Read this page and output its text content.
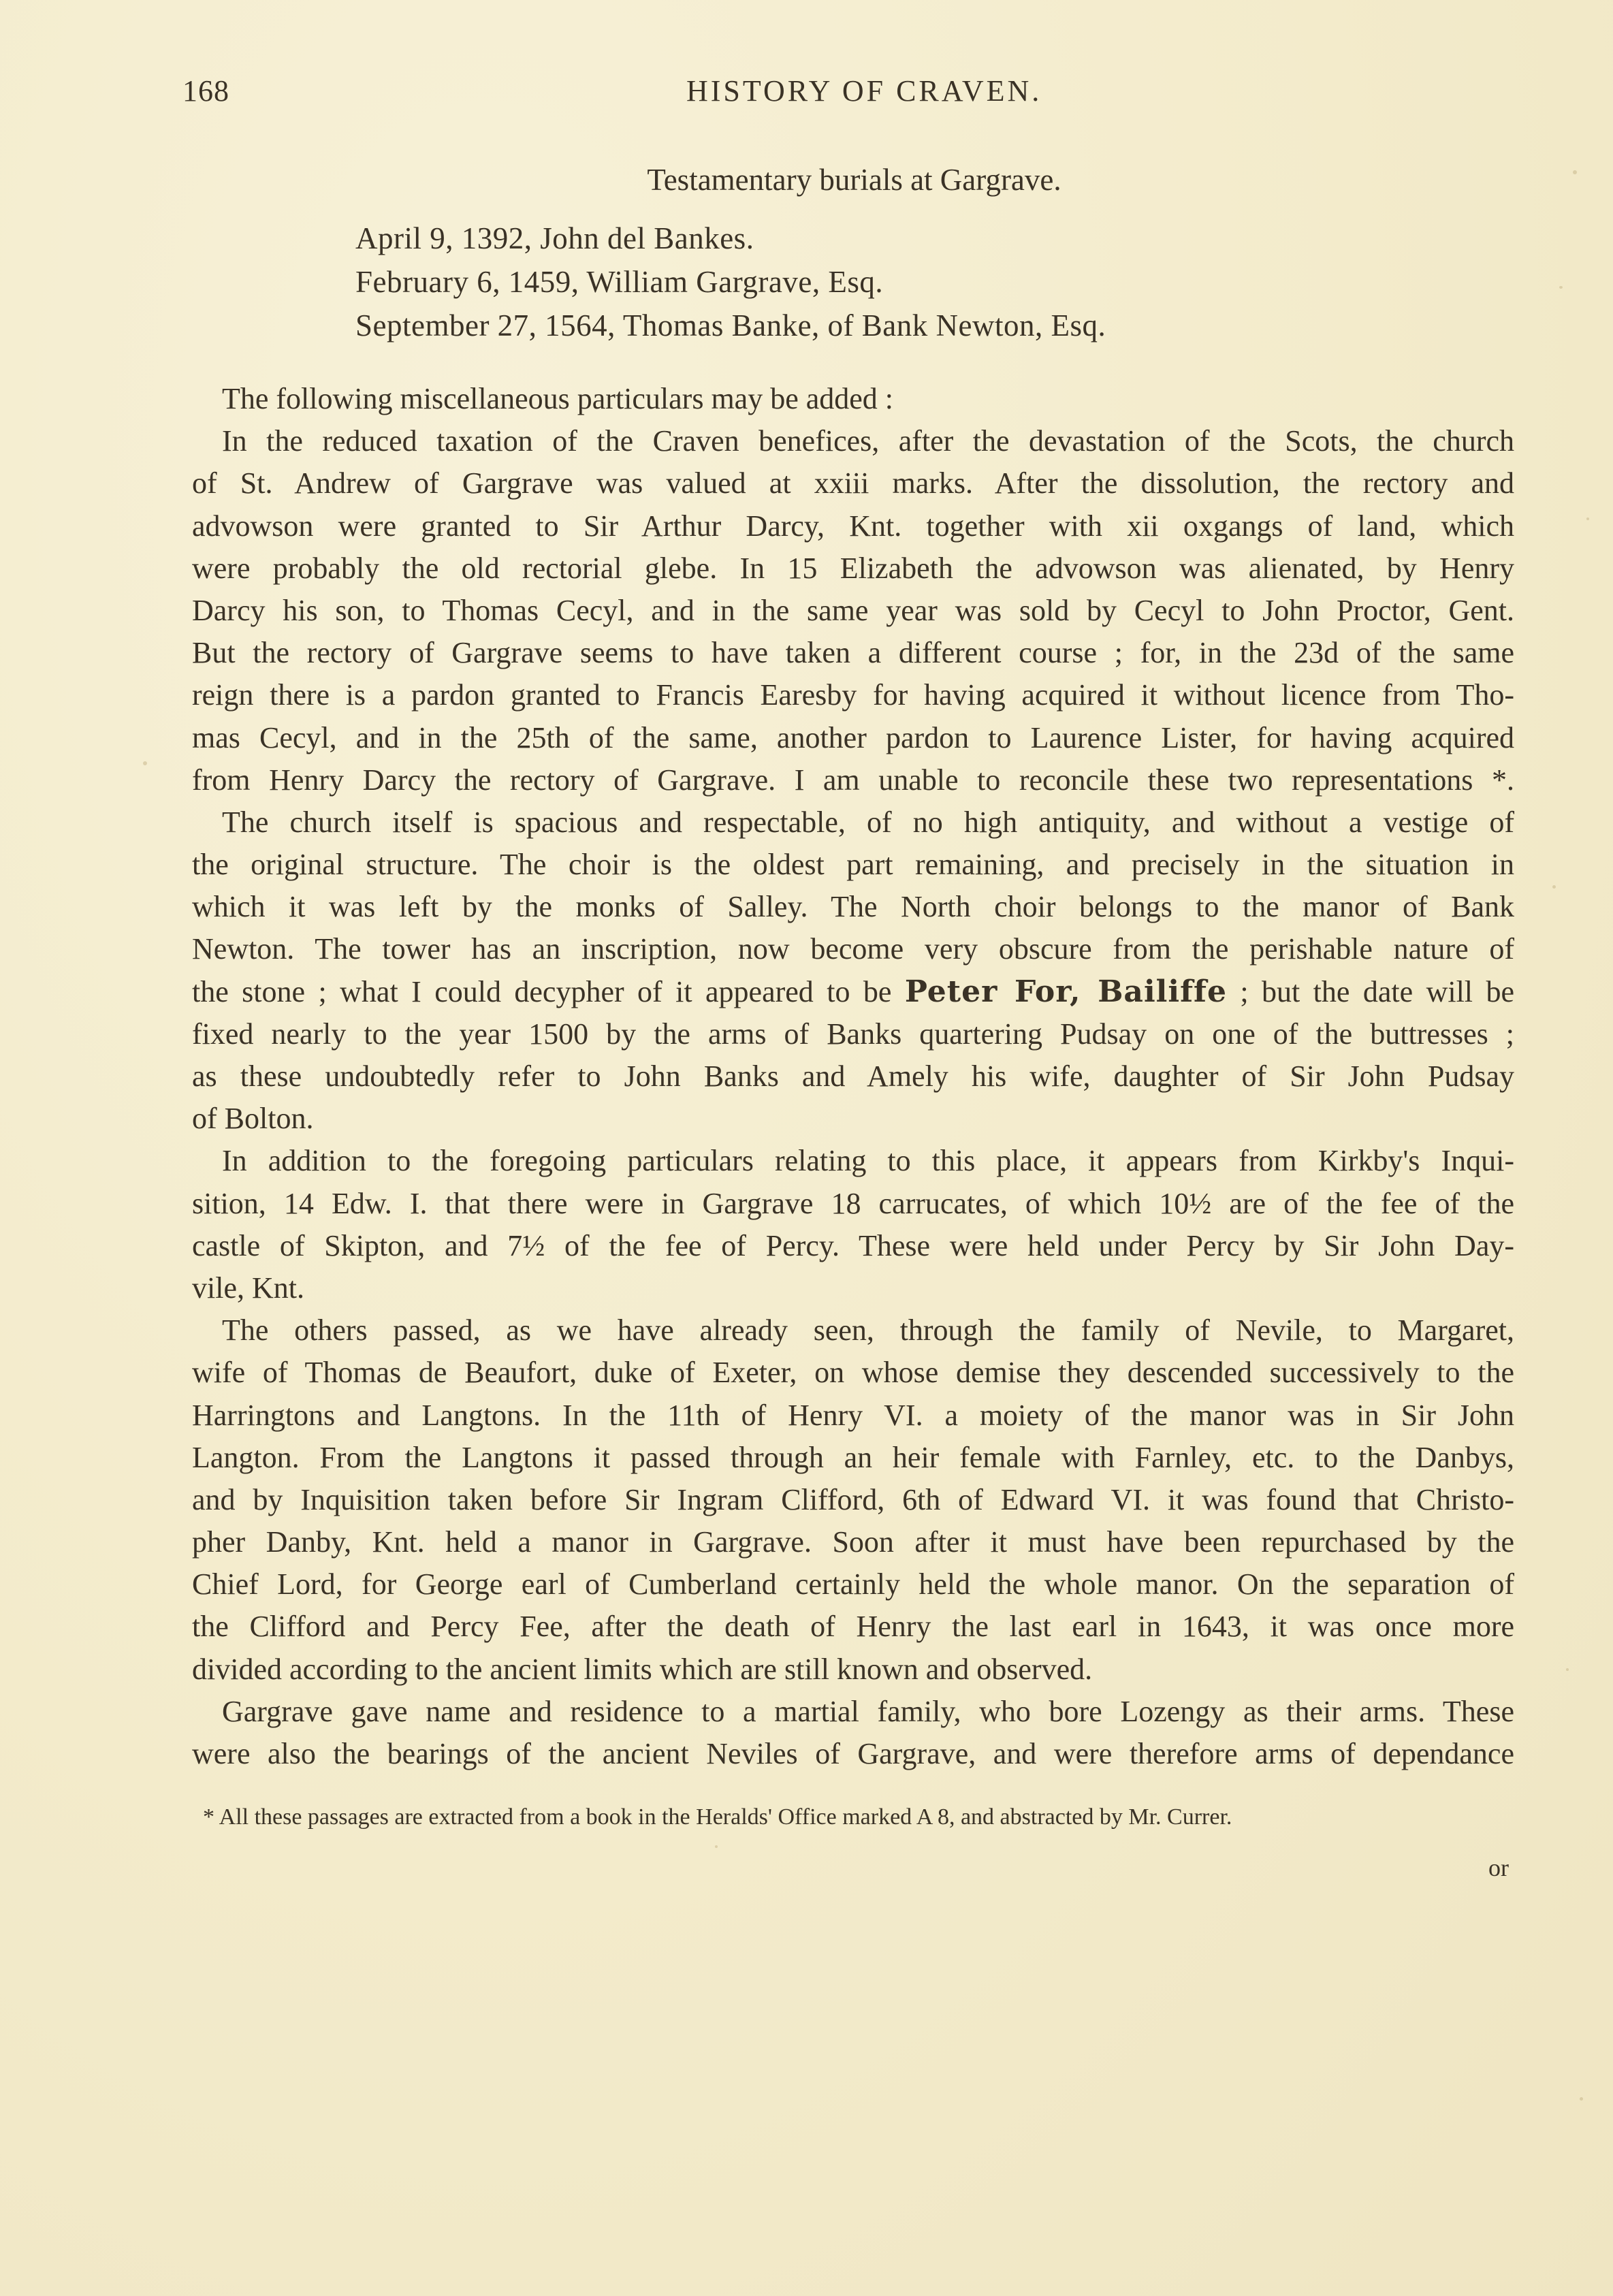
168	HISTORY OF CRAVEN.
Testamentary burials at Gargrave.
April 9, 1392, John del Bankes.
February 6, 1459, William Gargrave, Esq.
September 27, 1564, Thomas Banke, of Bank Newton, Esq.
The following miscellaneous particulars may be added :
In the reduced taxation of the Craven benefices, after the devastation of the Scots, the church
of St. Andrew of Gargrave was valued at xxiii marks. After the dissolution, the rectory and
advowson were granted to Sir Arthur Darcy, Knt. together with xii oxgangs of land, which
were probably the old rectorial glebe. In 15 Elizabeth the advowson was alienated, by Henry
Darcy his son, to Thomas Cecyl, and in the same year was sold by Cecyl to John Proctor, Gent.
But the rectory of Gargrave seems to have taken a different course ; for, in the 23d of the same
reign there is a pardon granted to Francis Earesby for having acquired it without licence from Tho-
mas Cecyl, and in the 25th of the same, another pardon to Laurence Lister, for having acquired
from Henry Darcy the rectory of Gargrave. I am unable to reconcile these two representations *.
The church itself is spacious and respectable, of no high antiquity, and without a vestige of
the original structure. The choir is the oldest part remaining, and precisely in the situation in
which it was left by the monks of Salley. The North choir belongs to the manor of Bank
Newton. The tower has an inscription, now become very obscure from the perishable nature of
the stone ; what I could decypher of it appeared to be Peter For, Bailiffe ; but the date will be
fixed nearly to the year 1500 by the arms of Banks quartering Pudsay on one of the buttresses ;
as these undoubtedly refer to John Banks and Amely his wife, daughter of Sir John Pudsay
of Bolton.
In addition to the foregoing particulars relating to this place, it appears from Kirkby's Inqui-
sition, 14 Edw. I. that there were in Gargrave 18 carrucates, of which 10½ are of the fee of the
castle of Skipton, and 7½ of the fee of Percy. These were held under Percy by Sir John Day-
vile, Knt.
The others passed, as we have already seen, through the family of Nevile, to Margaret,
wife of Thomas de Beaufort, duke of Exeter, on whose demise they descended successively to the
Harringtons and Langtons. In the 11th of Henry VI. a moiety of the manor was in Sir John
Langton. From the Langtons it passed through an heir female with Farnley, etc. to the Danbys,
and by Inquisition taken before Sir Ingram Clifford, 6th of Edward VI. it was found that Christo-
pher Danby, Knt. held a manor in Gargrave. Soon after it must have been repurchased by the
Chief Lord, for George earl of Cumberland certainly held the whole manor. On the separation of
the Clifford and Percy Fee, after the death of Henry the last earl in 1643, it was once more
divided according to the ancient limits which are still known and observed.
Gargrave gave name and residence to a martial family, who bore Lozengy as their arms. These
were also the bearings of the ancient Neviles of Gargrave, and were therefore arms of dependance
* All these passages are extracted from a book in the Heralds' Office marked A 8, and abstracted by Mr. Currer.
or
